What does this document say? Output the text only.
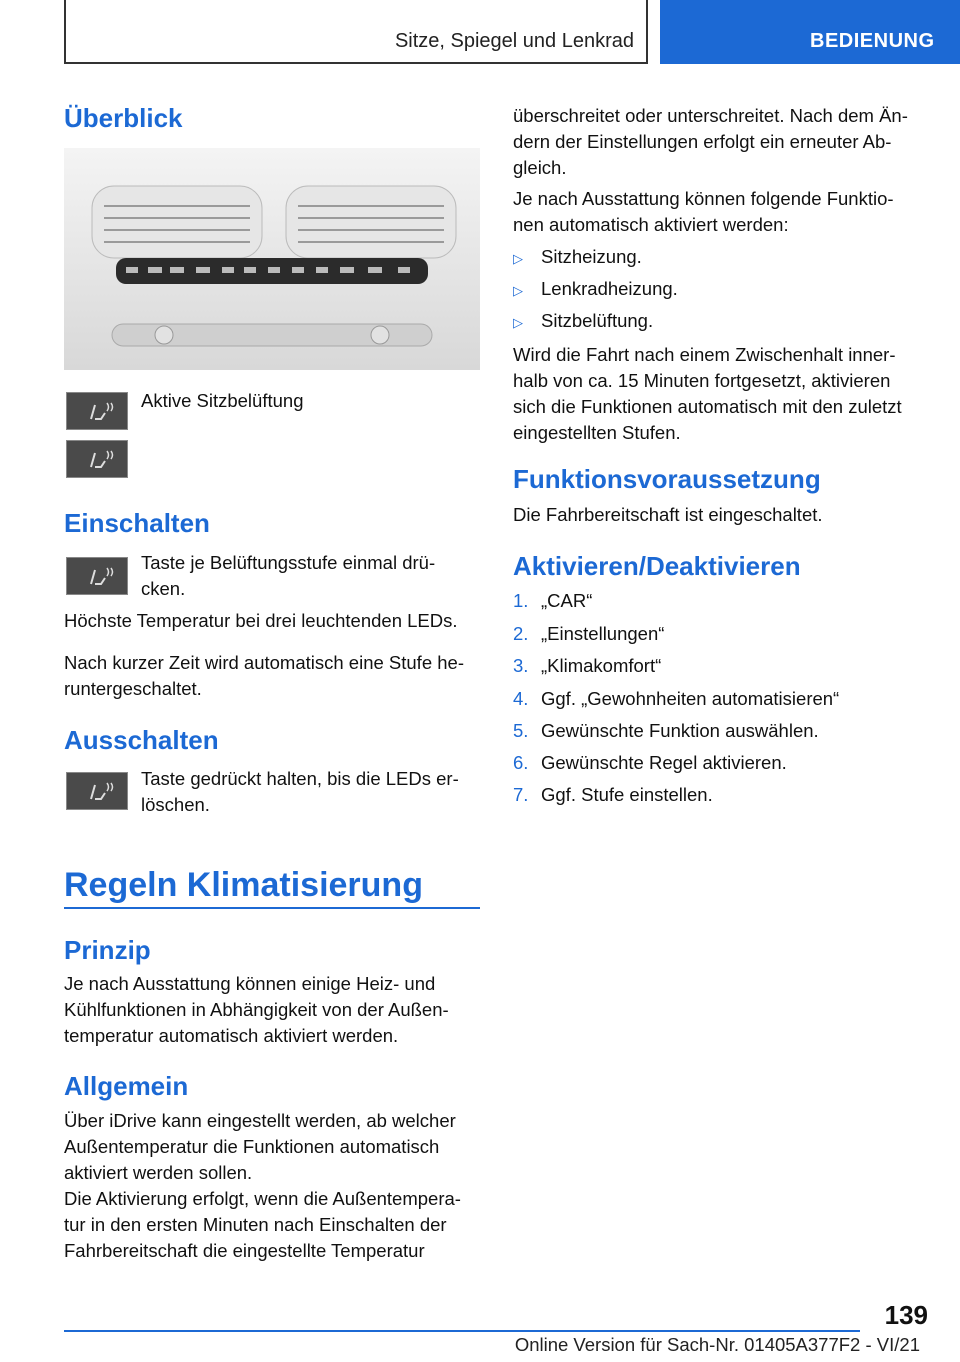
Sitze, Spiegel und Lenkrad	BEDIENUNG
Überblick

Aktive Sitzbelüftung

Einschalten

Taste je Belüftungsstufe einmal drü-
cken.

Höchste Temperatur bei drei leuchtenden LEDs.

Nach kurzer Zeit wird automatisch eine Stufe he-
runtergeschaltet.

Ausschalten

Taste gedrückt halten, bis die LEDs er-
löschen.

Regeln Klimatisierung
Prinzip

Je nach Ausstattung können einige Heiz- und
Kühlfunktionen in Abhängigkeit von der Außen-
temperatur automatisch aktiviert werden.

Allgemein

Über iDrive kann eingestellt werden, ab welcher
Außentemperatur die Funktionen automatisch
aktiviert werden sollen.

Die Aktivierung erfolgt, wenn die Außentempera-
tur in den ersten Minuten nach Einschalten der
Fahrbereitschaft die eingestellte Temperatur

überschreitet oder unterschreitet. Nach dem Än-
dern der Einstellungen erfolgt ein erneuter Ab-
gleich.

Je nach Ausstattung können folgende Funktio-
nen automatisch aktiviert werden:

▷ Sitzheizung.
▷ Lenkradheizung.
▷ Sitzbelüftung.

Wird die Fahrt nach einem Zwischenhalt inner-
halb von ca. 15 Minuten fortgesetzt, aktivieren
sich die Funktionen automatisch mit den zuletzt
eingestellten Stufen.

Funktionsvoraussetzung

Die Fahrbereitschaft ist eingeschaltet.

Aktivieren/Deaktivieren
1. „CAR“
2. „Einstellungen“
3. „Klimakomfort“
4. Ggf. „Gewohnheiten automatisieren“
5. Gewünschte Funktion auswählen.
6. Gewünschte Regel aktivieren.
7. Ggf. Stufe einstellen.
139
Online Version für Sach-Nr. 01405A377F2 - VI/21
